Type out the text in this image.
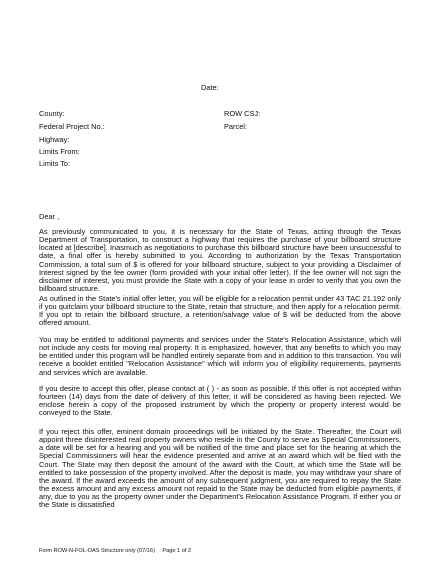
Date:
County:	ROW CSJ:
Federal Project No.:	Parcel:
Highway:
Limits From:
Limits To:
Dear ,
As previously communicated to you, it is necessary for the State of Texas, acting through the Texas Department of Transportation, to construct a highway that requires the purchase of your billboard structure located at [describe]. Inasmuch as negotiations to purchase this billboard structure have been unsuccessful to date, a final offer is hereby submitted to you. According to authorization by the Texas Transportation Commission, a total sum of $ is offered for your billboard structure, subject to your providing a Disclaimer of Interest signed by the fee owner (form provided with your initial offer letter). If the fee owner will not sign the disclaimer of interest, you must provide the State with a copy of your lease in order to verify that you own the billboard structure.
As outlined in the State's initial offer letter, you will be eligible for a relocation permit under 43 TAC 21.192 only if you quitclaim your billboard structure to the State, retain that structure, and then apply for a relocation permit. If you opt to retain the billboard structure, a retention/salvage value of $ will be deducted from the above offered amount.
You may be entitled to additional payments and services under the State's Relocation Assistance, which will not include any costs for moving real property. It is emphasized, however, that any benefits to which you may be entitled under this program will be handled entirely separate from and in addition to this transaction. You will receive a booklet entitled "Relocation Assistance" which will inform you of eligibility requirements, payments and services which are available.
If you desire to accept this offer, please contact at ( ) - as soon as possible. If this offer is not accepted within fourteen (14) days from the date of delivery of this letter, it will be considered as having been rejected. We enclose herein a copy of the proposed instrument by which the property or property interest would be conveyed to the State.
If you reject this offer, eminent domain proceedings will be initiated by the State. Thereafter, the Court will appoint three disinterested real property owners who reside in the County to serve as Special Commissioners, a date will be set for a hearing and you will be notified of the time and place set for the hearing at which the Special Commissioners will hear the evidence presented and arrive at an award which will be filed with the Court. The State may then deposit the amount of the award with the Court, at which time the State will be entitled to take possession of the property involved. After the deposit is made, you may withdraw your share of the award. If the award exceeds the amount of any subsequent judgment, you are required to repay the State the excess amount and any excess amount not repaid to the State may be deducted from eligible payments, if any, due to you as the property owner under the Department's Relocation Assistance Program. If either you or the State is dissatisfied
Form ROW-N-FOL-OAS Structure only (07/16) Page 1 of 2
